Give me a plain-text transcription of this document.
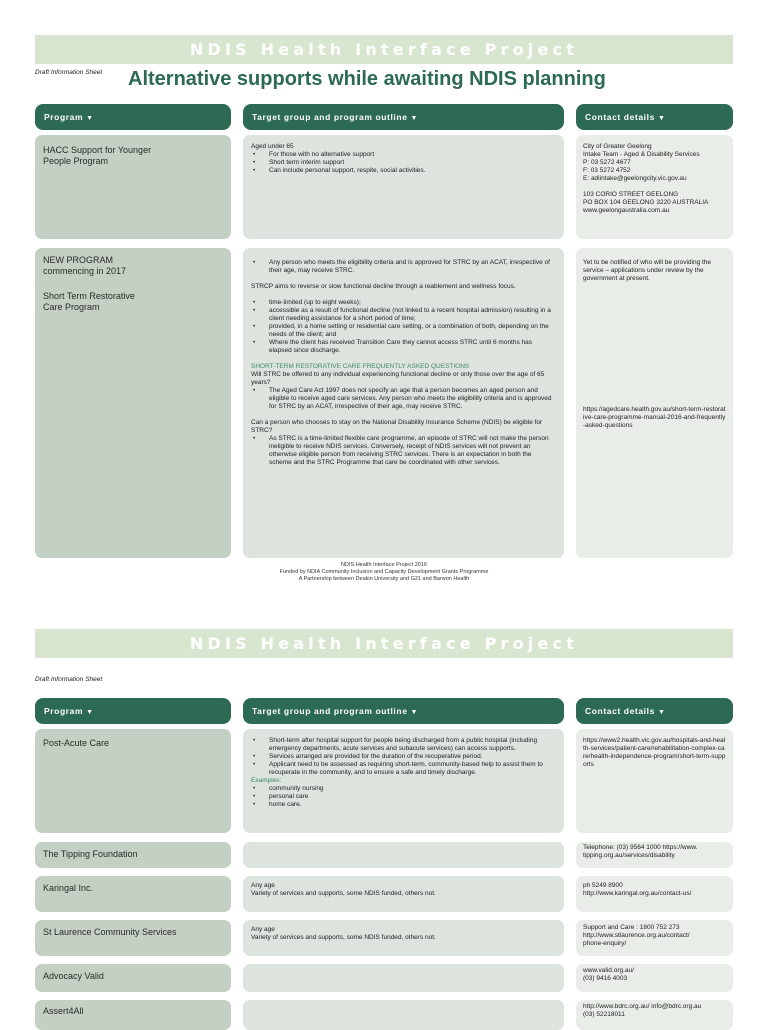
NDIS Health Interface Project
Draft Information Sheet Alternative supports while awaiting NDIS planning
Program ▼	Target group and program outline ▼	Contact details ▼
HACC Support for Younger
People Program

Aged under 65

• For those with no alternative support
• Short term interim support
• Can include personal support, respite, social activities.
City of Greater Geelong
Intake Team - Aged & Disability Services
P: 03 5272 4677
F: 03 5272 4752
E: adiintake@geelongcity.vic.gov.au
103 CORIO STREET GEELONG
PO BOX 104 GEELONG 3220 AUSTRALIA
www.geelongaustralia.com.au
NEW PROGRAM
commencing in 2017
Short Term Restorative
Care Program
• Any person who meets the eligibility criteria and is approved for STRC by an ACAT, irrespective of their age, may receive STRC.

STRCP aims to reverse or slow functional decline through a reablement and wellness focus.

• time-limited (up to eight weeks);
• accessible as a result of functional decline (not linked to a recent hospital admission) resulting in a client needing assistance for a short period of time;
• provided, in a home setting or residential care setting, or a combination of both, depending on the needs of the client; and
• Where the client has received Transition Care they cannot access STRC until 6 months has elapsed since discharge.

SHORT-TERM RESTORATIVE CARE FREQUENTLY ASKED QUESTIONS

Will STRC be offered to any individual experiencing functional decline or only those over the age of 65 years?

• The Aged Care Act 1997 does not specify an age that a person becomes an aged person and eligible to receive aged care services. Any person who meets the eligibility criteria and is approved for STRC by an ACAT, irrespective of their age, may receive STRC.

Can a person who chooses to stay on the National Disability Insurance Scheme (NDIS) be eligible for STRC?

• As STRC is a time-limited flexible care programme, an episode of STRC will not make the person ineligible to receive NDIS services. Conversely, receipt of NDIS services will not prevent an otherwise eligible person from receiving STRC services. There is an expectation in both the scheme and the STRC Programme that care be coordinated with other services.

Yet to be notified of who will be providing the service – applications under review by the government at present.

https://agedcare.health.gov.au/short-term-restorative-care-programme-manual-2016-and-frequently-asked-questions

NDIS Health Interface Project 2016
Funded by NDIA Community Inclusion and Capacity Development Grants Programme
A Partnership between Deakin University and G21 and Barwon Health
NDIS Health Interface Project
Draft Information Sheet
Program ▼	Target group and program outline ▼	Contact details ▼
Post-Acute Care
•	Short-term after hospital support for people being discharged from a public hospital (including emergency departments, acute services and subacute services) can access supports.
• Services arranged are provided for the duration of the recuperative period.
• Applicant need to be assessed as requiring short-term, community-based help to assist them to recuperate in the community, and to ensure a safe and timely discharge.

Examples:

• community nursing
• personal care
• home care.

https://www2.health.vic.gov.au/hospitals-and-health-services/patient-care/rehabilitation-complex-care/health-independence-program/short-term-supports

The Tipping Foundation
Telephone: (03) 9564 1000 https://www.
tipping.org.au/services/disability
Karingal Inc.	Any age
Variety of services and supports, some NDIS funded, others not.
ph 5249 8900
http://www.karingal.org.au/contact-us/
St Laurence Community Services	Any age
Variety of services and supports, some NDIS funded, others not.
Support and Care : 1800 752 273
http://www.stlaurence.org.au/contact/
phone-enquiry/
Advocacy Valid
www.valid.org.au/
(03) 9416 4003
Assert4All	http://www.bdrc.org.au/ info@bdrc.org.au
(03) 52218011
